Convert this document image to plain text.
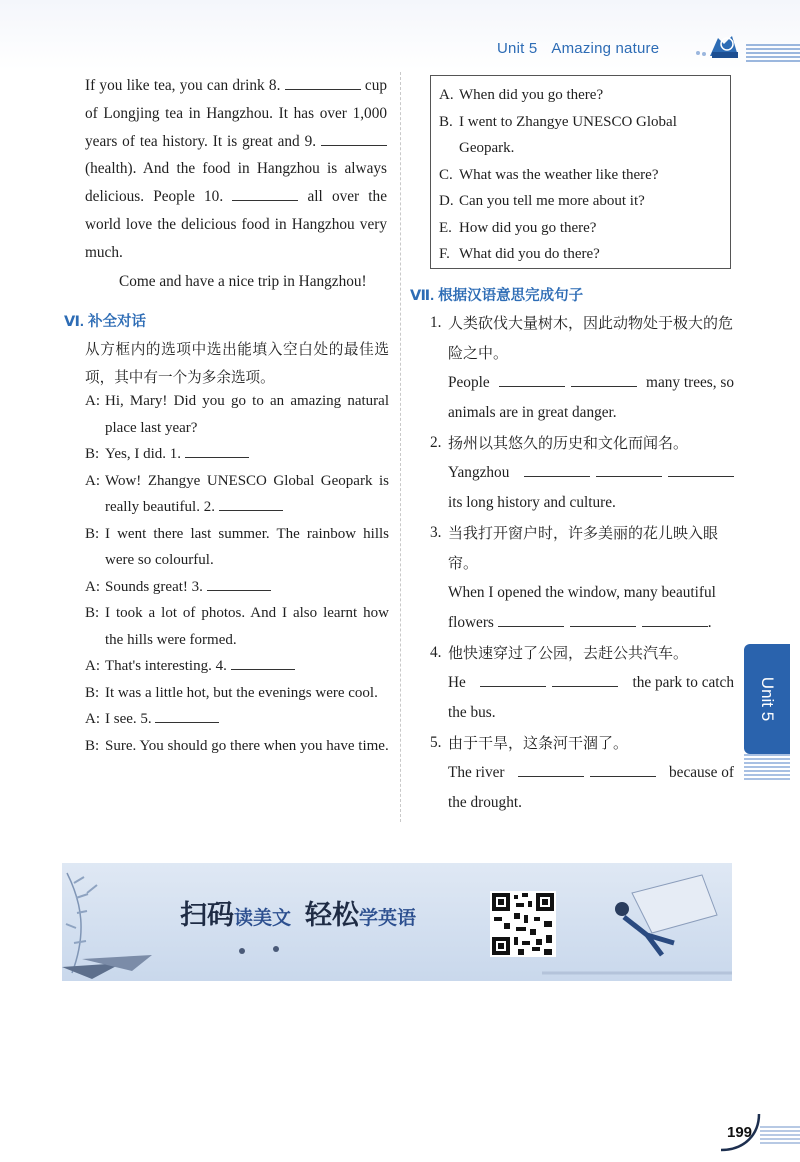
Unit 5 Amazing nature

If you like tea, you can drink 8.	cup of Longjing tea in Hangzhou. It has over 1,000 years of tea history. It is great and 9.  (health). And the food in Hangzhou is always delicious. People 10.	all over the world love the delicious food in Hangzhou very much.

Come and have a nice trip in Hangzhou!

Ⅵ. 补全对话

从方框内的选项中选出能填入空白处的最佳选项，其中有一个为多余选项。

A: Hi, Mary! Did you go to an amazing natural place last year?
B: Yes, I did. 1.
A: Wow! Zhangye UNESCO Global Geopark is really beautiful. 2.
B: I went there last summer. The rainbow hills were so colourful.
A: Sounds great! 3.
B: I took a lot of photos. And I also learnt how the hills were formed.
A: That's interesting. 4.
B: It was a little hot, but the evenings were cool.
A: I see. 5.
B: Sure. You should go there when you have time.
A. When did you go there?
B. I went to Zhangye UNESCO Global Geopark.
C. What was the weather like there?
D. Can you tell me more about it?
E. How did you go there?
F. What did you do there?
Ⅶ. 根据汉语意思完成句子
1. 人类砍伐大量树木，因此动物处于极大的危险之中。
People	many trees, so
animals are in great danger.
2. 扬州以其悠久的历史和文化而闻名。
Yangzhou
its long history and culture.
3. 当我打开窗户时，许多美丽的花儿映入眼帘。
When I opened the window, many beautiful
flowers	.
4. 他快速穿过了公园，去赶公共汽车。
He	the park to catch
the bus.
5. 由于干旱，这条河干涸了。
The river	because of
the drought.
Unit 5
扫码读美文 轻松学英语
199
